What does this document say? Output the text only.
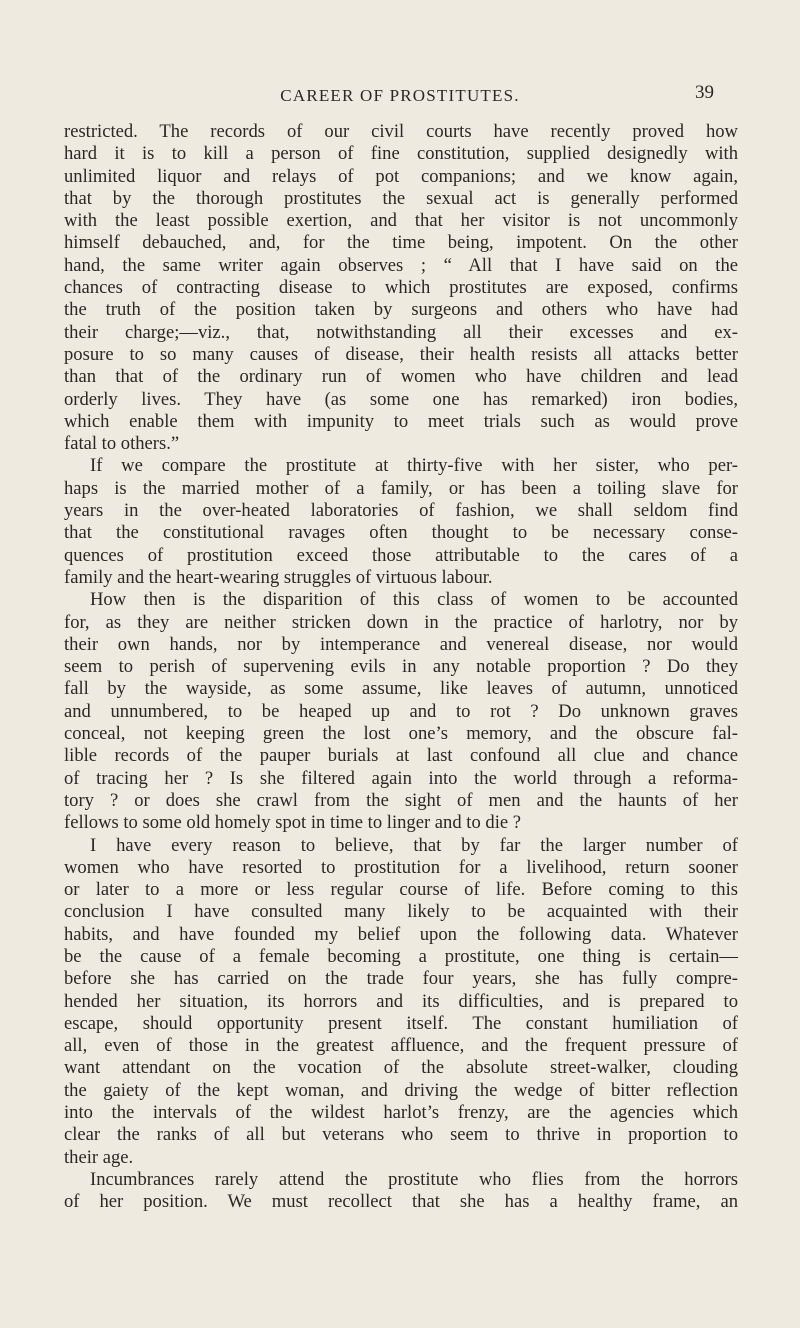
CAREER OF PROSTITUTES.	39
restricted. The records of our civil courts have recently proved how
hard it is to kill a person of fine constitution, supplied designedly with
unlimited liquor and relays of pot companions; and we know again,
that by the thorough prostitutes the sexual act is generally performed
with the least possible exertion, and that her visitor is not uncommonly
himself debauched, and, for the time being, impotent. On the other
hand, the same writer again observes ; “ All that I have said on the
chances of contracting disease to which prostitutes are exposed, confirms
the truth of the position taken by surgeons and others who have had
their charge;—viz., that, notwithstanding all their excesses and ex-
posure to so many causes of disease, their health resists all attacks better
than that of the ordinary run of women who have children and lead
orderly lives. They have (as some one has remarked) iron bodies,
which enable them with impunity to meet trials such as would prove
fatal to others.”
If we compare the prostitute at thirty-five with her sister, who per-
haps is the married mother of a family, or has been a toiling slave for
years in the over-heated laboratories of fashion, we shall seldom find
that the constitutional ravages often thought to be necessary conse-
quences of prostitution exceed those attributable to the cares of a
family and the heart-wearing struggles of virtuous labour.
How then is the disparition of this class of women to be accounted
for, as they are neither stricken down in the practice of harlotry, nor by
their own hands, nor by intemperance and venereal disease, nor would
seem to perish of supervening evils in any notable proportion ? Do they
fall by the wayside, as some assume, like leaves of autumn, unnoticed
and unnumbered, to be heaped up and to rot ? Do unknown graves
conceal, not keeping green the lost one’s memory, and the obscure fal-
lible records of the pauper burials at last confound all clue and chance
of tracing her ? Is she filtered again into the world through a reforma-
tory ? or does she crawl from the sight of men and the haunts of her
fellows to some old homely spot in time to linger and to die ?
I have every reason to believe, that by far the larger number of
women who have resorted to prostitution for a livelihood, return sooner
or later to a more or less regular course of life. Before coming to this
conclusion I have consulted many likely to be acquainted with their
habits, and have founded my belief upon the following data. Whatever
be the cause of a female becoming a prostitute, one thing is certain—
before she has carried on the trade four years, she has fully compre-
hended her situation, its horrors and its difficulties, and is prepared to
escape, should opportunity present itself. The constant humiliation of
all, even of those in the greatest affluence, and the frequent pressure of
want attendant on the vocation of the absolute street-walker, clouding
the gaiety of the kept woman, and driving the wedge of bitter reflection
into the intervals of the wildest harlot’s frenzy, are the agencies which
clear the ranks of all but veterans who seem to thrive in proportion to
their age.
Incumbrances rarely attend the prostitute who flies from the horrors
of her position. We must recollect that she has a healthy frame, an
